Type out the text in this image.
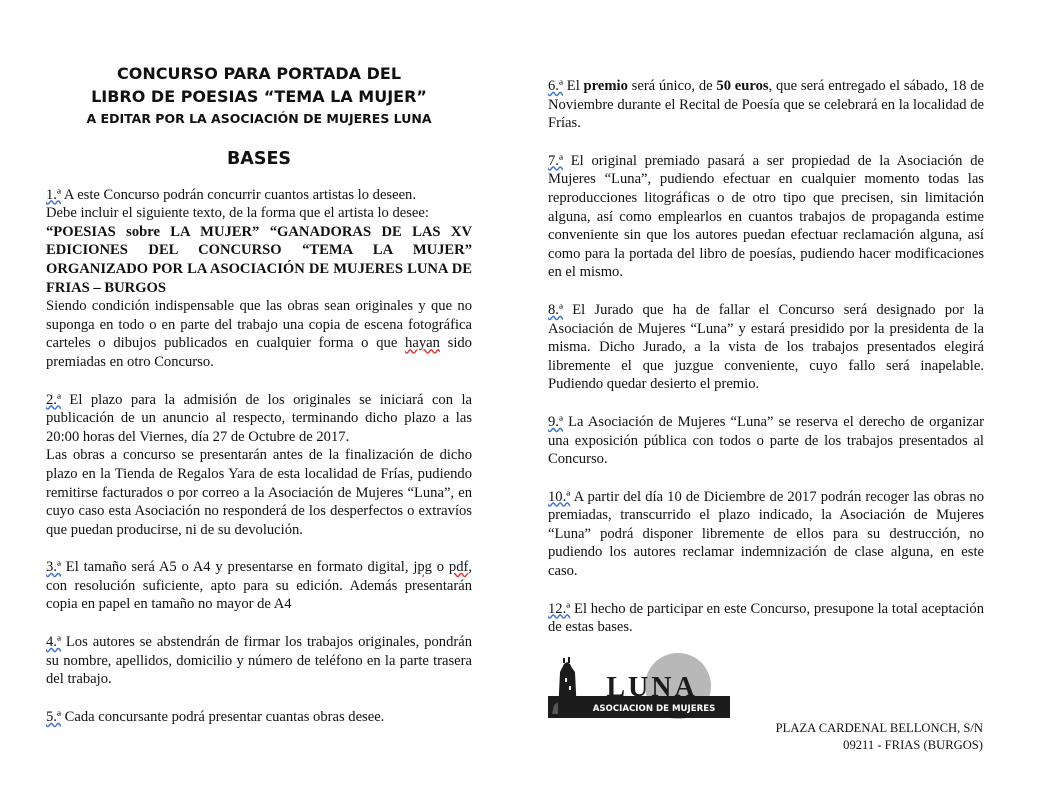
CONCURSO PARA PORTADA DEL
LIBRO DE POESIAS “TEMA LA MUJER”
A EDITAR POR LA ASOCIACIÓN DE MUJERES LUNA
BASES

1.ª A este Concurso podrán concurrir cuantos artistas lo deseen.

Debe incluir el siguiente texto, de la forma que el artista lo desee:

“POESIAS sobre LA MUJER” “GANADORAS DE LAS XV EDICIONES DEL CONCURSO “TEMA LA MUJER” ORGANIZADO POR LA ASOCIACIÓN DE MUJERES LUNA DE FRIAS – BURGOS

Siendo condición indispensable que las obras sean originales y que no suponga en todo o en parte del trabajo una copia de escena fotográfica carteles o dibujos publicados en cualquier forma o que hayan sido premiadas en otro Concurso.

2.ª El plazo para la admisión de los originales se iniciará con la publicación de un anuncio al respecto, terminando dicho plazo a las 20:00 horas del Viernes, día 27 de Octubre de 2017.

Las obras a concurso se presentarán antes de la finalización de dicho plazo en la Tienda de Regalos Yara de esta localidad de Frías, pudiendo remitirse facturados o por correo a la Asociación de Mujeres “Luna”, en cuyo caso esta Asociación no responderá de los desperfectos o extravíos que puedan producirse, ni de su devolución.

3.ª El tamaño será A5 o A4 y presentarse en formato digital, jpg o pdf, con resolución suficiente, apto para su edición. Además presentarán copia en papel en tamaño no mayor de A4

4.ª Los autores se abstendrán de firmar los trabajos originales, pondrán su nombre, apellidos, domicilio y número de teléfono en la parte trasera del trabajo.

5.ª Cada concursante podrá presentar cuantas obras desee.

6.ª El premio será único, de 50 euros, que será entregado el sábado, 18 de Noviembre durante el Recital de Poesía que se celebrará en la localidad de Frías.

7.ª El original premiado pasará a ser propiedad de la Asociación de Mujeres “Luna”, pudiendo efectuar en cualquier momento todas las reproducciones litográficas o de otro tipo que precisen, sin limitación alguna, así como emplearlos en cuantos trabajos de propaganda estime conveniente sin que los autores puedan efectuar reclamación alguna, así como para la portada del libro de poesías, pudiendo hacer modificaciones en el mismo.

8.ª El Jurado que ha de fallar el Concurso será designado por la Asociación de Mujeres “Luna” y estará presidido por la presidenta de la misma. Dicho Jurado, a la vista de los trabajos presentados elegirá libremente el que juzgue conveniente, cuyo fallo será inapelable. Pudiendo quedar desierto el premio.

9.ª La Asociación de Mujeres “Luna” se reserva el derecho de organizar una exposición pública con todos o parte de los trabajos presentados al Concurso.

10.ª A partir del día 10 de Diciembre de 2017 podrán recoger las obras no premiadas, transcurrido el plazo indicado, la Asociación de Mujeres “Luna” podrá disponer libremente de ellos para su destrucción, no pudiendo los autores reclamar indemnización de clase alguna, en este caso.

12.ª El hecho de participar en este Concurso, presupone la total aceptación de estas bases.

LUNA
ASOCIACION DE MUJERES
PLAZA CARDENAL BELLONCH, S/N
09211 - FRIAS (BURGOS)
